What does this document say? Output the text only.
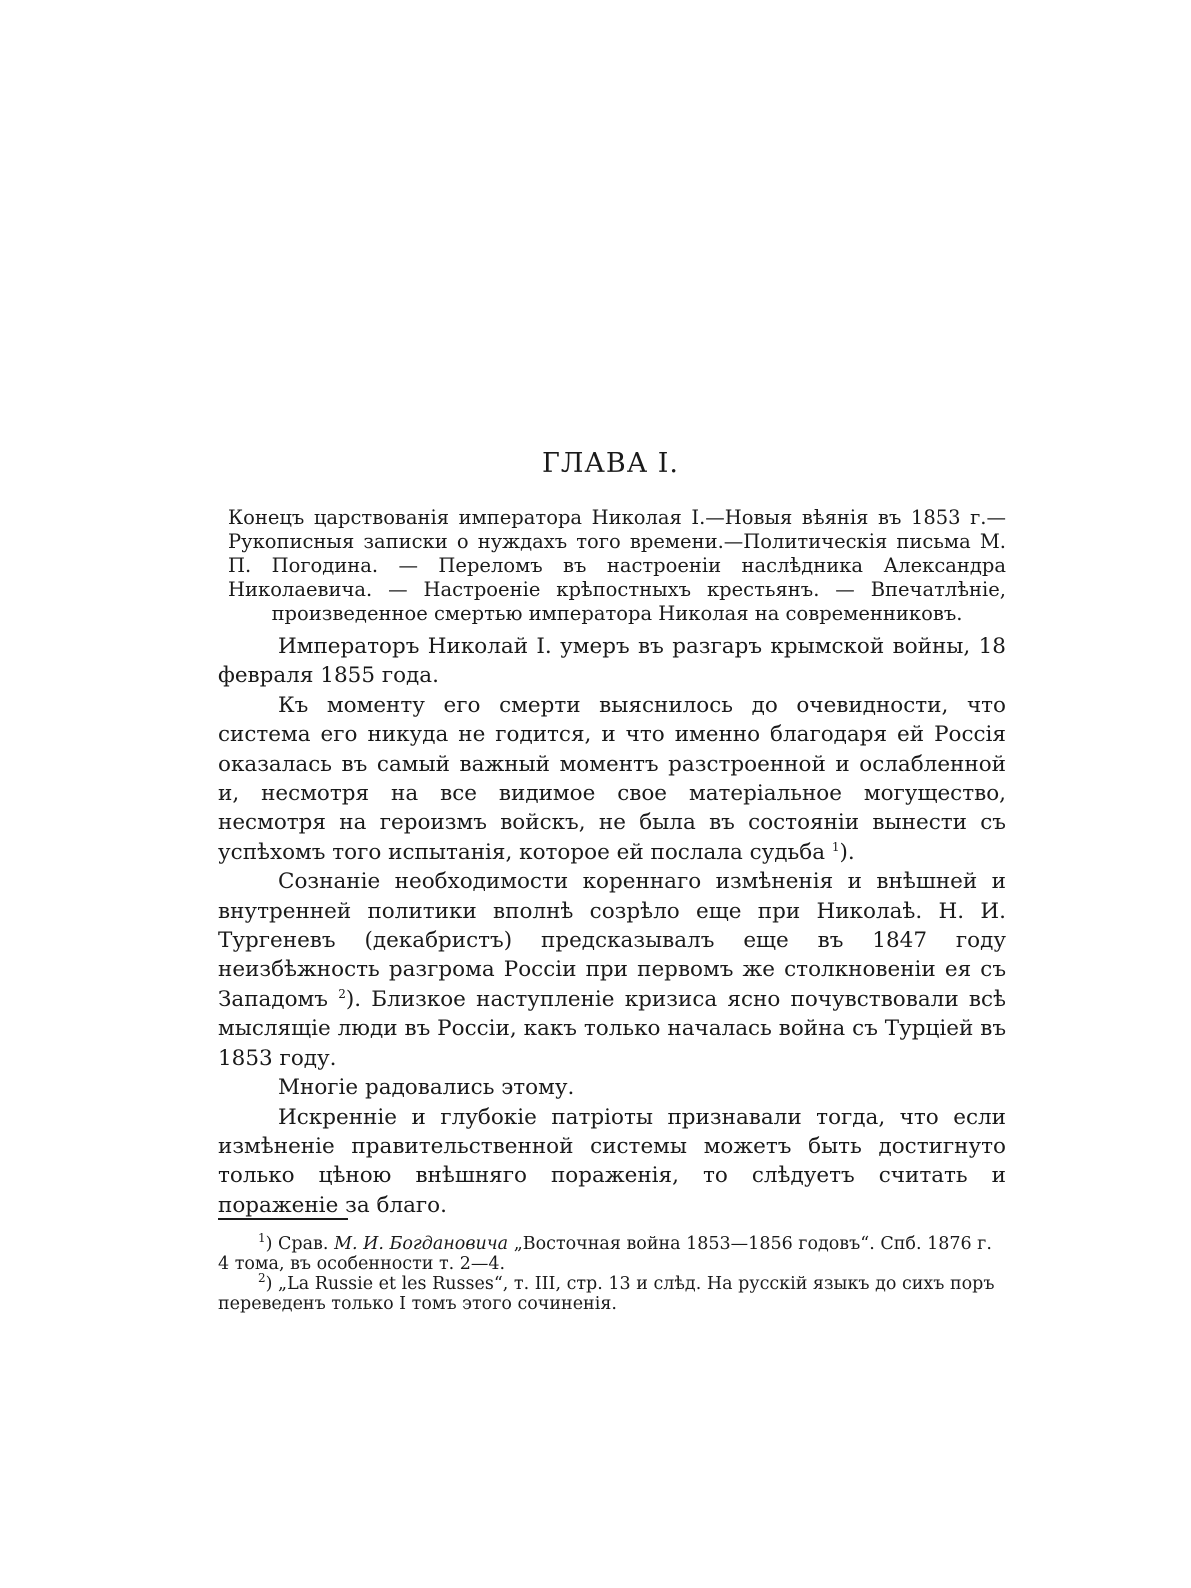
ГЛАВА I.
Конецъ царствованія императора Николая I.—Новыя вѣянія въ 1853 г.— Рукописныя записки о нуждахъ того времени.—Политическія письма М. П. Погодина. — Переломъ въ настроеніи наслѣдника Александра Николаевича. — Настроеніе крѣпостныхъ крестьянъ. — Впечатлѣніе, произведенное смертью императора Николая на современниковъ.

Императоръ Николай I. умеръ въ разгаръ крымской войны, 18 февраля 1855 года.

Къ моменту его смерти выяснилось до очевидности, что система его никуда не годится, и что именно благодаря ей Россія оказалась въ самый важный моментъ разстроенной и ослабленной и, несмотря на все видимое свое матеріальное могущество, несмотря на героизмъ войскъ, не была въ состояніи вынести съ успѣхомъ того испытанія, которое ей послала судьба $^1$).

Сознаніе необходимости кореннаго измѣненія и внѣшней и внутренней политики вполнѣ созрѣло еще при Николаѣ. Н. И. Тургеневъ (декабристъ) предсказывалъ еще въ 1847 году неизбѣжность разгрома Россіи при первомъ же столкновеніи ея съ Западомъ $^2$). Близкое наступленіе кризиса ясно почувствовали всѣ мыслящіе люди въ Россіи, какъ только началась война съ Турціей въ 1853 году.

Многіе радовались этому.

Искренніе и глубокіе патріоты признавали тогда, что если измѣненіе правительственной системы можетъ быть достигнуто только цѣною внѣшняго пораженія, то слѣдуетъ считать и пораженіе за благо.

$^1$) Срав. М. И. Богдановича „Восточная война 1853—1856 годовъ“. Спб. 1876 г. 4 тома, въ особенности т. 2—4.

$^2$) „La Russie et les Russes“, т. III, стр. 13 и слѣд. На русскій языкъ до сихъ поръ переведенъ только I томъ этого сочиненія.
